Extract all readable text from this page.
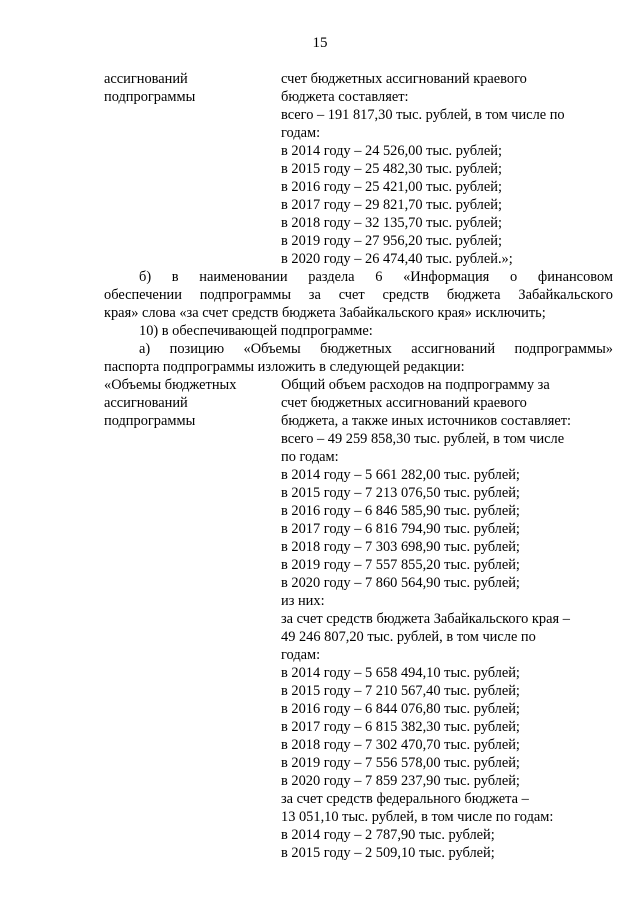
15
ассигнований
подпрограммы
счет бюджетных ассигнований краевого
бюджета составляет:
всего – 191 817,30 тыс. рублей, в том числе по
годам:
в 2014 году – 24 526,00 тыс. рублей;
в 2015 году – 25 482,30 тыс. рублей;
в 2016 году – 25 421,00 тыс. рублей;
в 2017 году – 29 821,70 тыс. рублей;
в 2018 году – 32 135,70 тыс. рублей;
в 2019 году – 27 956,20 тыс. рублей;
в 2020 году – 26 474,40 тыс. рублей.»;
б) в наименовании раздела 6 «Информация о финансовом
обеспечении подпрограммы за счет средств бюджета Забайкальского
края» слова «за счет средств бюджета Забайкальского края» исключить;
10) в обеспечивающей подпрограмме:
а) позицию «Объемы бюджетных ассигнований подпрограммы»
паспорта подпрограммы изложить в следующей редакции:
«Объемы бюджетных
ассигнований
подпрограммы
Общий объем расходов на подпрограмму за
счет бюджетных ассигнований краевого
бюджета, а также иных источников составляет:
всего – 49 259 858,30 тыс. рублей, в том числе
по годам:
в 2014 году – 5 661 282,00 тыс. рублей;
в 2015 году – 7 213 076,50 тыс. рублей;
в 2016 году – 6 846 585,90 тыс. рублей;
в 2017 году – 6 816 794,90 тыс. рублей;
в 2018 году – 7 303 698,90 тыс. рублей;
в 2019 году – 7 557 855,20 тыс. рублей;
в 2020 году – 7 860 564,90 тыс. рублей;
из них:
за счет средств бюджета Забайкальского края –
49 246 807,20 тыс. рублей, в том числе по
годам:
в 2014 году – 5 658 494,10 тыс. рублей;
в 2015 году – 7 210 567,40 тыс. рублей;
в 2016 году – 6 844 076,80 тыс. рублей;
в 2017 году – 6 815 382,30 тыс. рублей;
в 2018 году – 7 302 470,70 тыс. рублей;
в 2019 году – 7 556 578,00 тыс. рублей;
в 2020 году – 7 859 237,90 тыс. рублей;
за счет средств федерального бюджета –
13 051,10 тыс. рублей, в том числе по годам:
в 2014 году – 2 787,90 тыс. рублей;
в 2015 году – 2 509,10 тыс. рублей;
